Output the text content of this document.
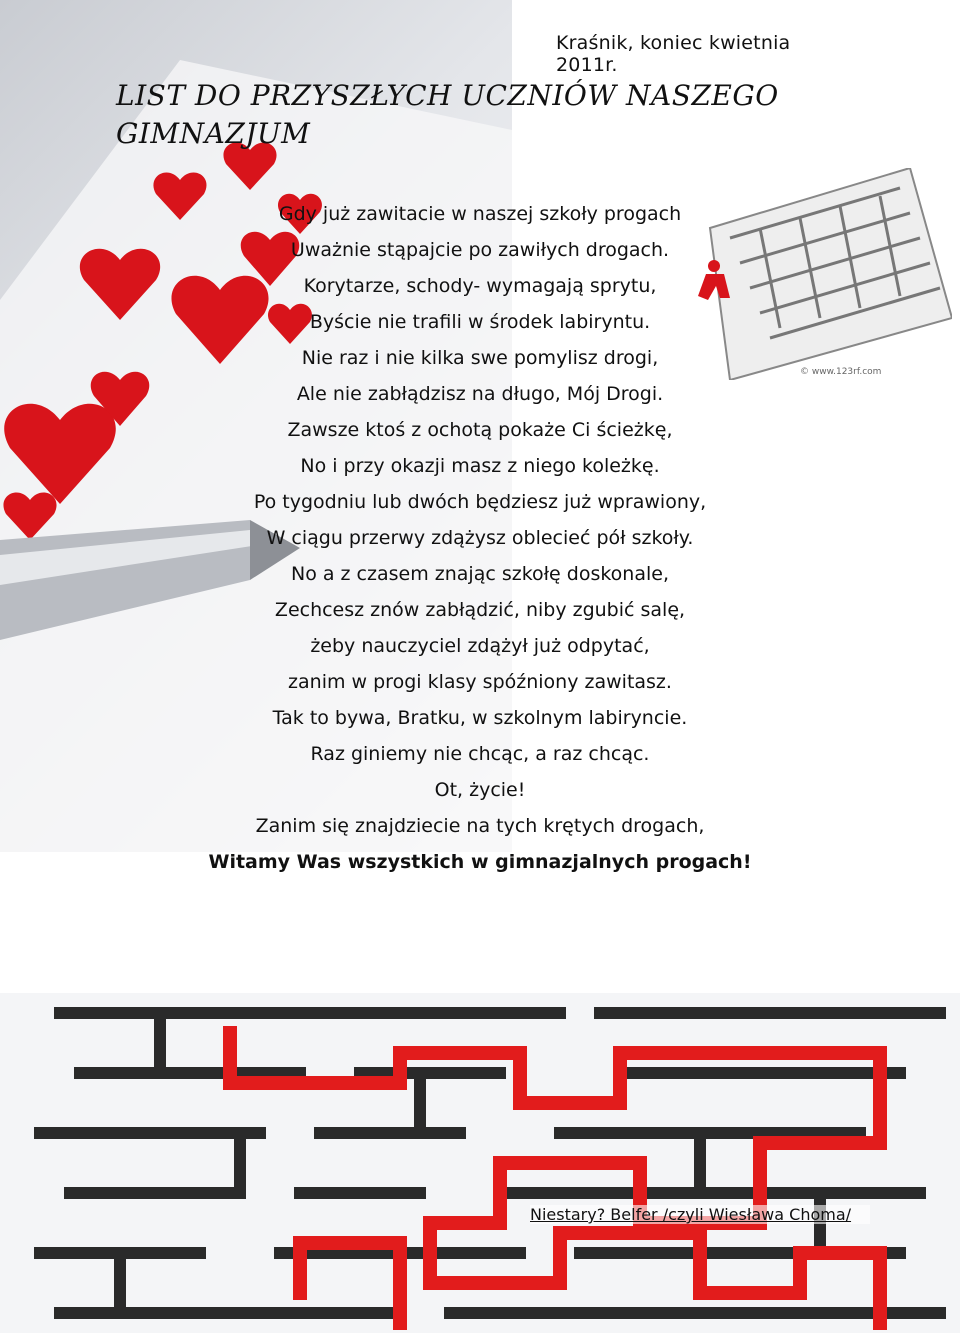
© www.123rf.com
Kraśnik, koniec kwietnia 2011r.
LIST DO PRZYSZŁYCH UCZNIÓW NASZEGO GIMNAZJUM
Gdy już zawitacie w naszej szkoły progach
Uważnie stąpajcie po zawiłych drogach.
Korytarze, schody- wymagają sprytu,
Byście nie trafili w środek labiryntu.
Nie raz i nie kilka swe pomylisz drogi,
Ale nie zabłądzisz na długo, Mój Drogi.
Zawsze ktoś z ochotą pokaże Ci ścieżkę,
No i przy okazji masz z niego koleżkę.
Po tygodniu lub dwóch będziesz już wprawiony,
W ciągu przerwy zdążysz oblecieć pół szkoły.
No a z czasem znając szkołę doskonale,
Zechcesz znów zabłądzić, niby zgubić salę,
żeby nauczyciel zdążył już odpytać,
zanim w progi klasy spóźniony zawitasz.
Tak to bywa, Bratku, w szkolnym labiryncie.
Raz giniemy nie chcąc, a raz chcąc.
Ot, życie!
Zanim się znajdziecie na tych krętych drogach,
Witamy Was wszystkich w gimnazjalnych progach!
Niestary? Belfer /czyli Wiesława Choma/
